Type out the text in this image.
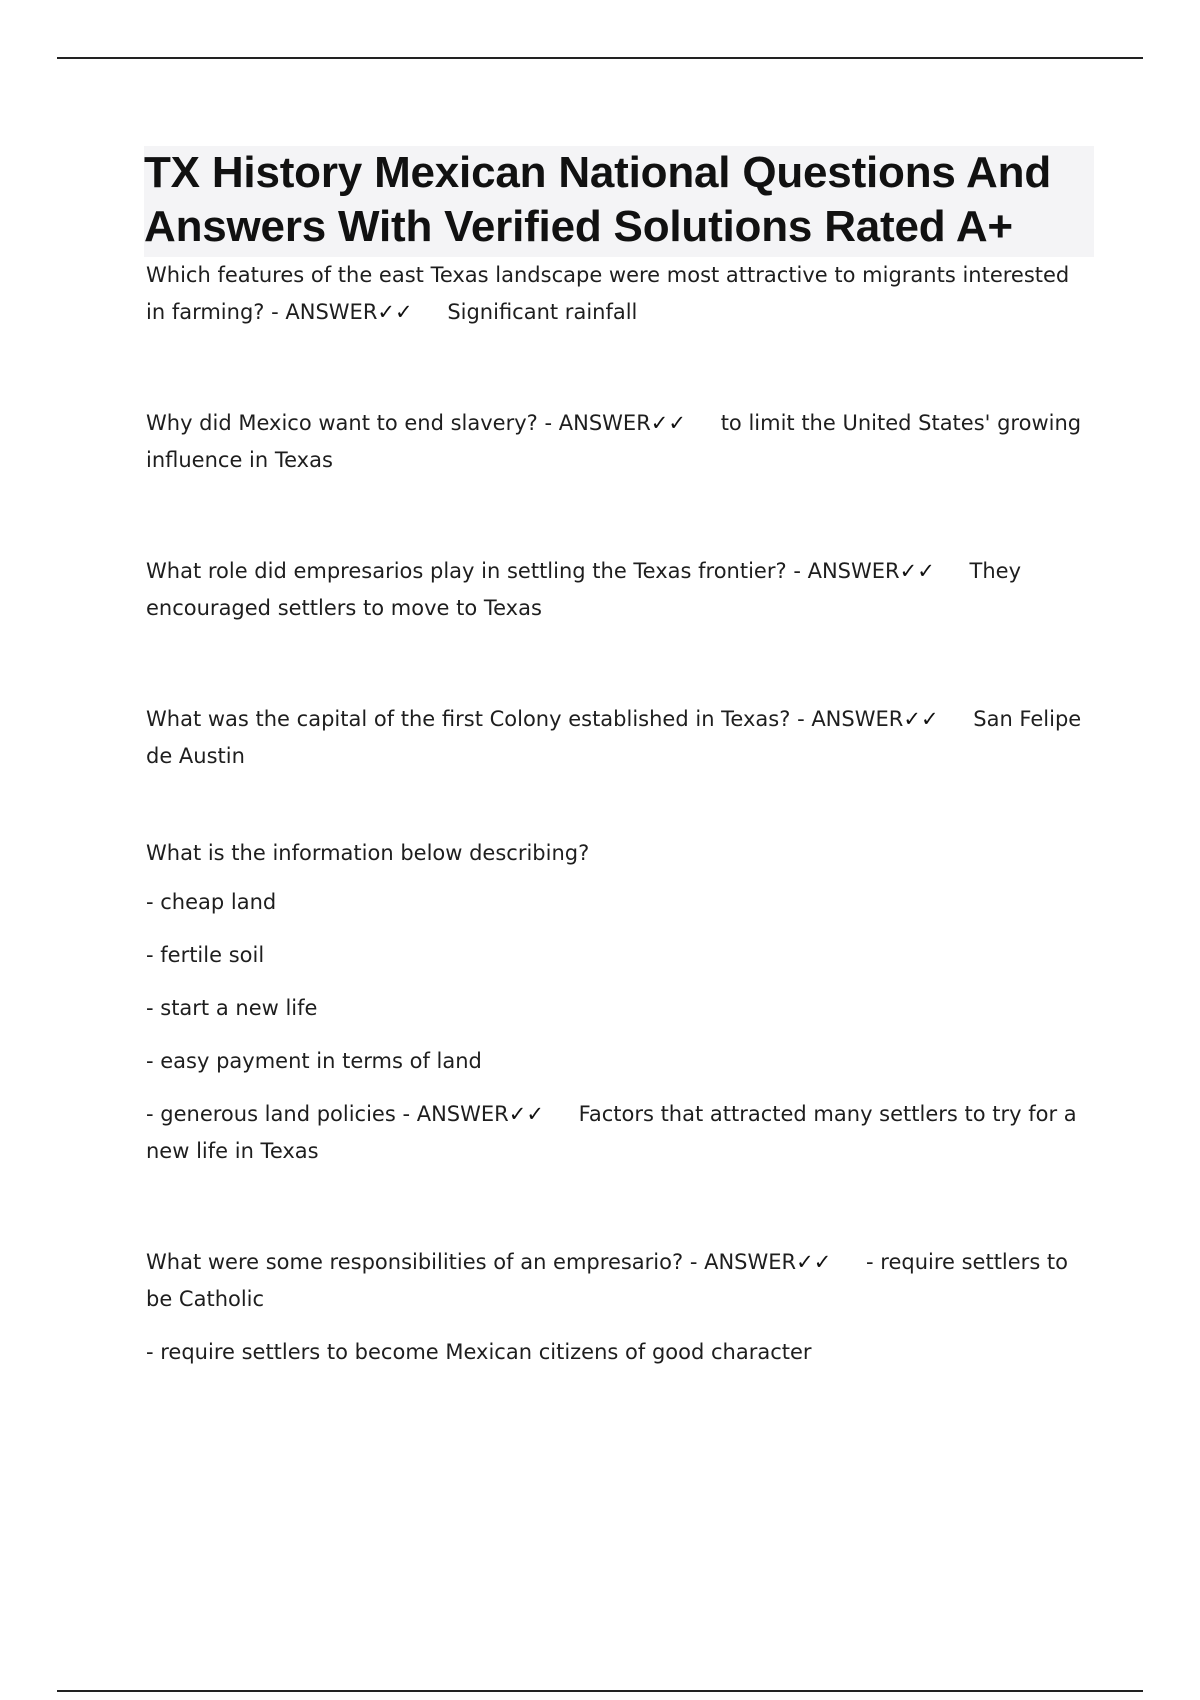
TX History Mexican National Questions And Answers With Verified Solutions Rated A+

Which features of the east Texas landscape were most attractive to migrants interested in farming? - ANSWER✓✓ Significant rainfall

Why did Mexico want to end slavery? - ANSWER✓✓ to limit the United States' growing influence in Texas

What role did empresarios play in settling the Texas frontier? - ANSWER✓✓ They encouraged settlers to move to Texas

What was the capital of the first Colony established in Texas? - ANSWER✓✓ San Felipe de Austin

What is the information below describing?

- cheap land

- fertile soil

- start a new life

- easy payment in terms of land

- generous land policies - ANSWER✓✓ Factors that attracted many settlers to try for a new life in Texas

What were some responsibilities of an empresario? - ANSWER✓✓ - require settlers to be Catholic

- require settlers to become Mexican citizens of good character
